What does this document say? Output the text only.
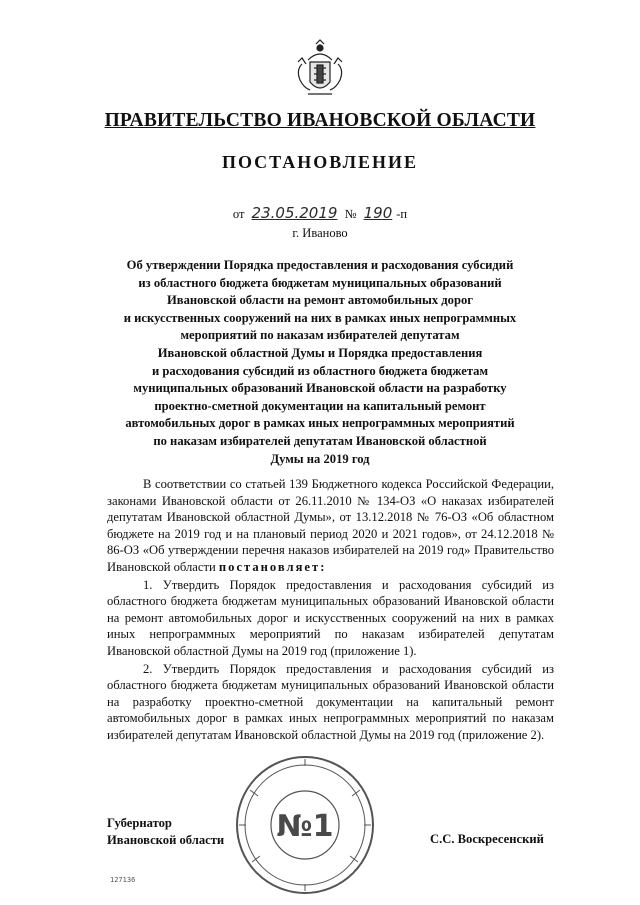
ПРАВИТЕЛЬСТВО ИВАНОВСКОЙ ОБЛАСТИ
ПОСТАНОВЛЕНИЕ
от 23.05.2019 № 190 -п
г. Иваново
Об утверждении Порядка предоставления и расходования субсидий
из областного бюджета бюджетам муниципальных образований
Ивановской области на ремонт автомобильных дорог
и искусственных сооружений на них в рамках иных непрограммных
мероприятий по наказам избирателей депутатам
Ивановской областной Думы и Порядка предоставления
и расходования субсидий из областного бюджета бюджетам
муниципальных образований Ивановской области на разработку
проектно-сметной документации на капитальный ремонт
автомобильных дорог в рамках иных непрограммных мероприятий
по наказам избирателей депутатам Ивановской областной
Думы на 2019 год

В соответствии со статьей 139 Бюджетного кодекса Российской Федерации, законами Ивановской области от 26.11.2010 № 134-ОЗ «О наказах избирателей депутатам Ивановской областной Думы», от 13.12.2018 № 76-ОЗ «Об областном бюджете на 2019 год и на плановый период 2020 и 2021 годов», от 24.12.2018 № 86-ОЗ «Об утверждении перечня наказов избирателей на 2019 год» Правительство Ивановской области постановляет:

1. Утвердить Порядок предоставления и расходования субсидий из областного бюджета бюджетам муниципальных образований Ивановской области на ремонт автомобильных дорог и искусственных сооружений на них в рамках иных непрограммных мероприятий по наказам избирателей депутатам Ивановской областной Думы на 2019 год (приложение 1).

2. Утвердить Порядок предоставления и расходования субсидий из областного бюджета бюджетам муниципальных образований Ивановской области на разработку проектно-сметной документации на капитальный ремонт автомобильных дорог в рамках иных непрограммных мероприятий по наказам избирателей депутатам Ивановской областной Думы на 2019 год (приложение 2).

Губернатор
Ивановской области	С.С. Воскресенский
№1
127136
